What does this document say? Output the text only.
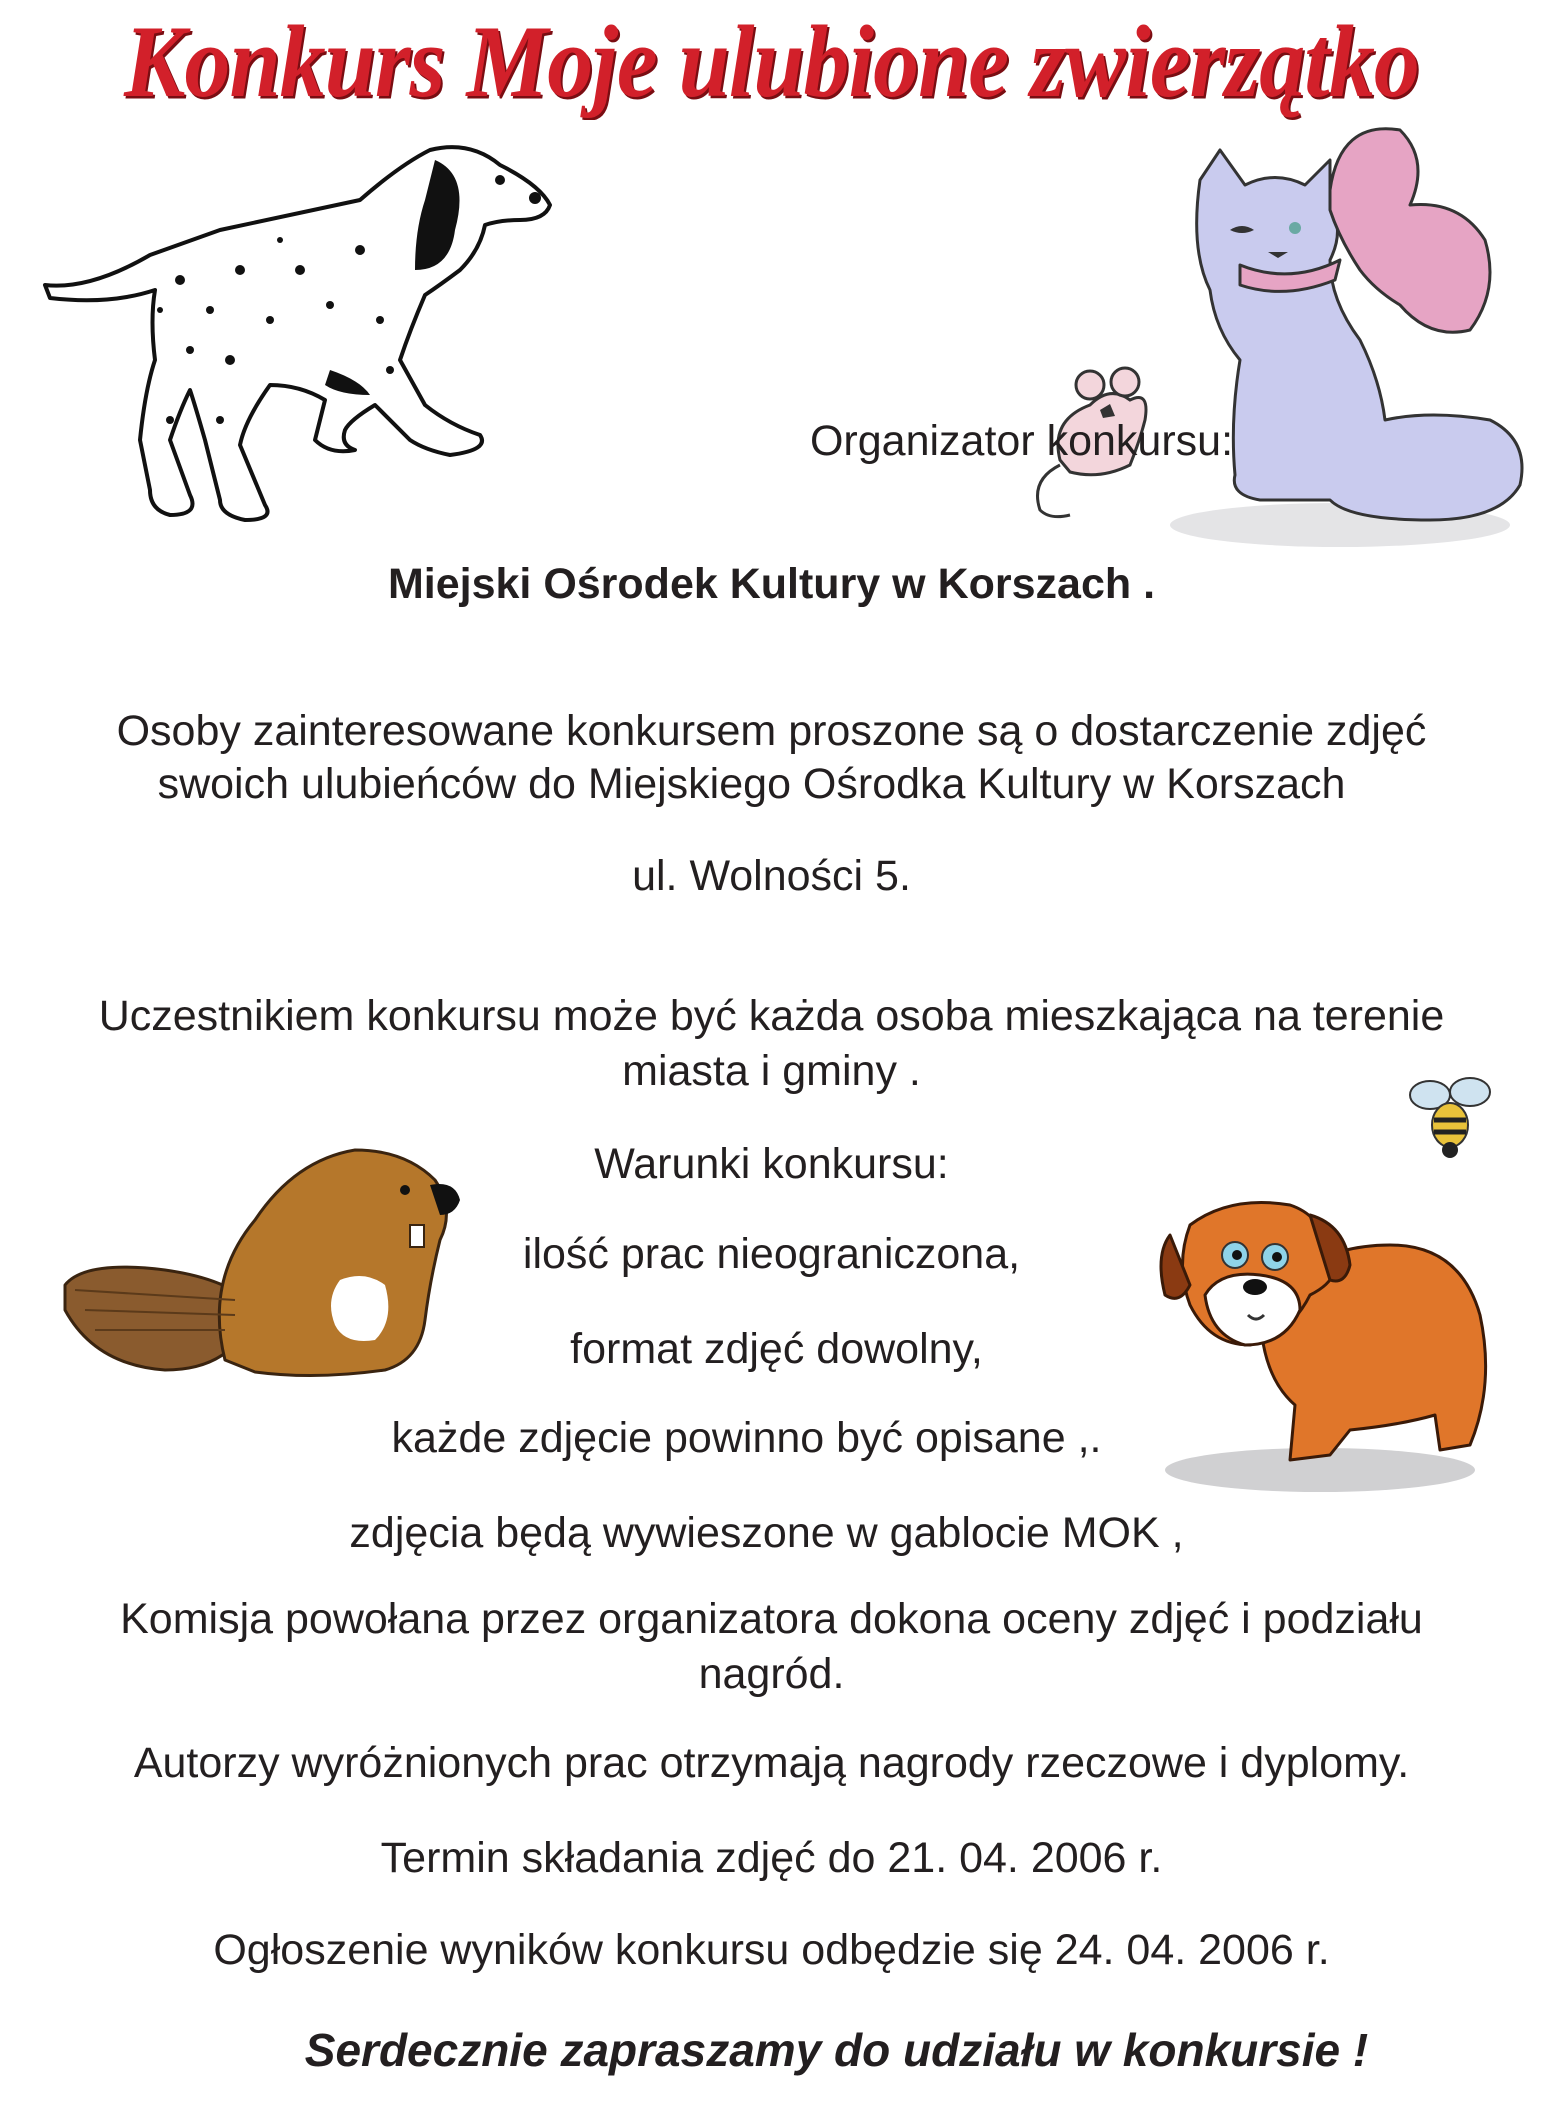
Konkurs Moje ulubione zwierzątko
Organizator konkursu:
Miejski Ośrodek Kultury w Korszach .
Osoby zainteresowane konkursem proszone są o dostarczenie zdjęć
swoich ulubieńców do Miejskiego Ośrodka Kultury w Korszach
ul. Wolności 5.
Uczestnikiem konkursu może być każda osoba mieszkająca na terenie
miasta i gminy .
Warunki konkursu:
ilość prac nieograniczona,
format zdjęć dowolny,
każde zdjęcie powinno być opisane ,.
zdjęcia będą wywieszone w gablocie MOK ,
Komisja powołana przez organizatora dokona oceny zdjęć i podziału
nagród.
Autorzy wyróżnionych prac otrzymają nagrody rzeczowe i dyplomy.
Termin składania zdjęć do 21. 04. 2006 r.
Ogłoszenie wyników konkursu odbędzie się 24. 04. 2006 r.
Serdecznie zapraszamy do udziału w konkursie !
